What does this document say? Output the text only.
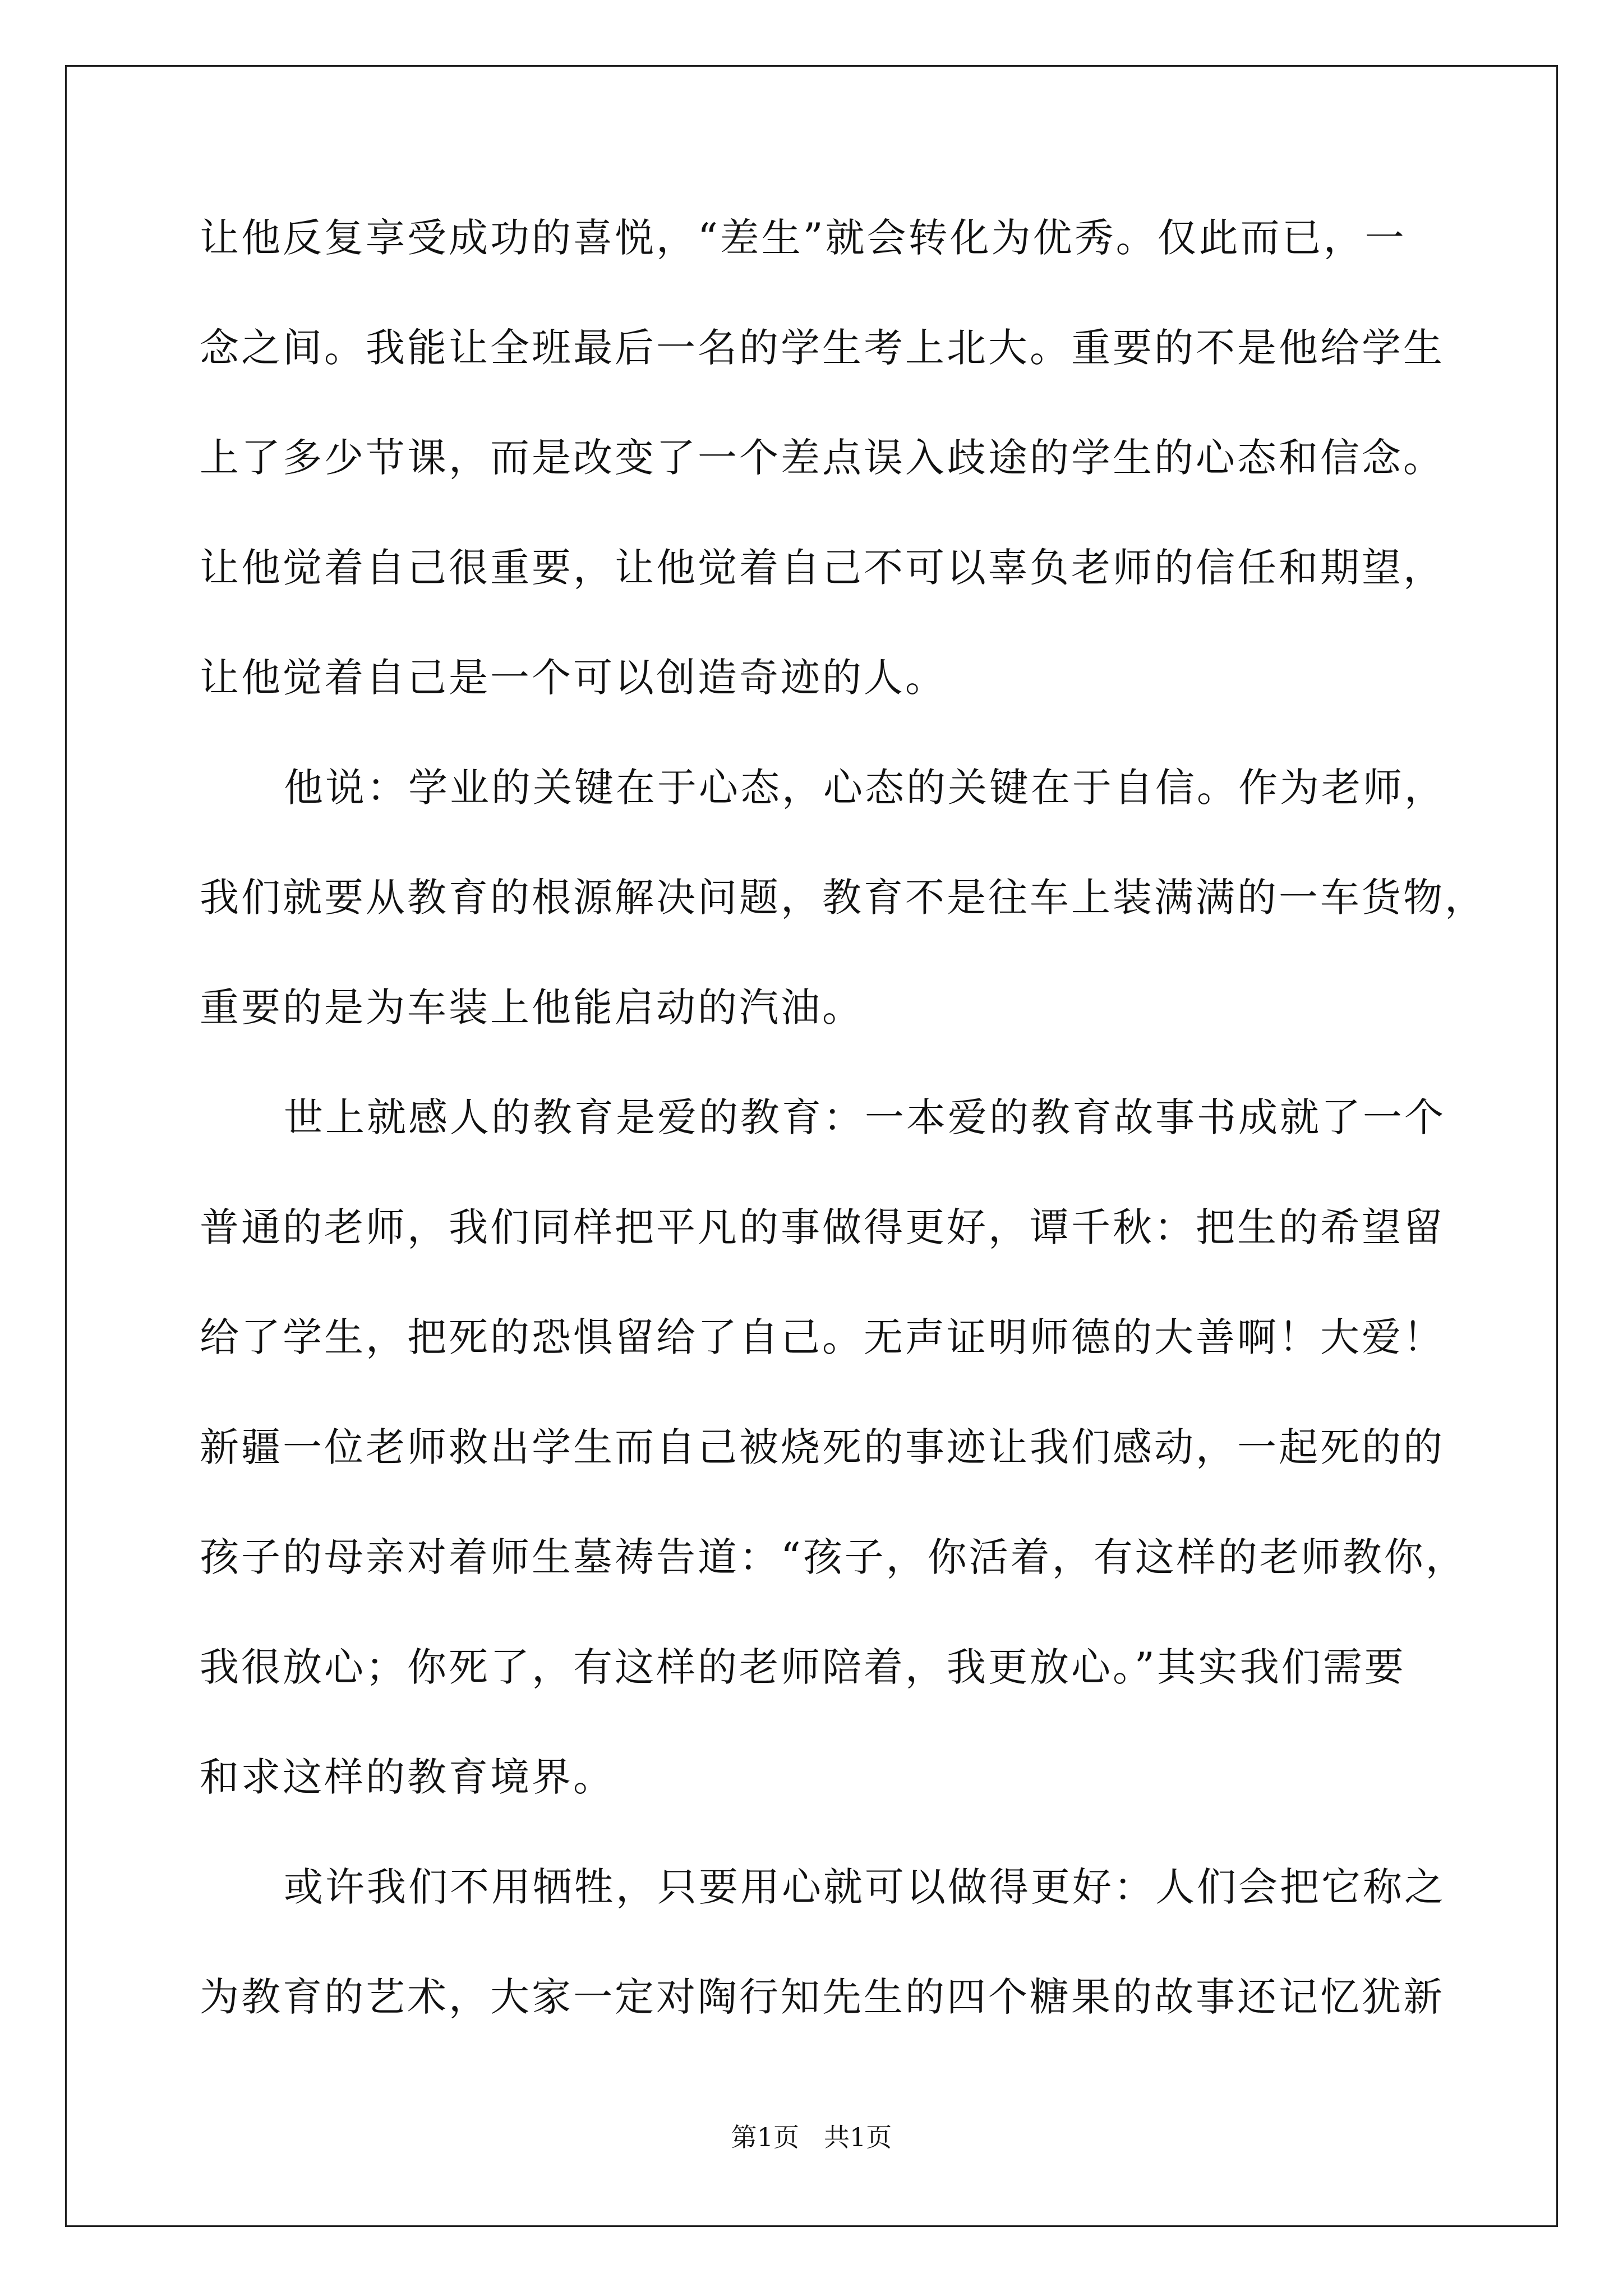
让他反复享受成功的喜悦，“差生”就会转化为优秀。仅此而已，一
念之间。我能让全班最后一名的学生考上北大。重要的不是他给学生
上了多少节课，而是改变了一个差点误入歧途的学生的心态和信念。
让他觉着自己很重要，让他觉着自己不可以辜负老师的信任和期望，
让他觉着自己是一个可以创造奇迹的人。
他说：学业的关键在于心态，心态的关键在于自信。作为老师，
我们就要从教育的根源解决问题，教育不是往车上装满满的一车货物，
重要的是为车装上他能启动的汽油。
世上就感人的教育是爱的教育：一本爱的教育故事书成就了一个
普通的老师，我们同样把平凡的事做得更好，谭千秋：把生的希望留
给了学生，把死的恐惧留给了自己。无声证明师德的大善啊！大爱！
新疆一位老师救出学生而自己被烧死的事迹让我们感动，一起死的的
孩子的母亲对着师生墓祷告道：“孩子，你活着，有这样的老师教你，
我很放心；你死了，有这样的老师陪着，我更放心。”其实我们需要
和求这样的教育境界。
或许我们不用牺牲，只要用心就可以做得更好：人们会把它称之
为教育的艺术，大家一定对陶行知先生的四个糖果的故事还记忆犹新
第1页 共1页
